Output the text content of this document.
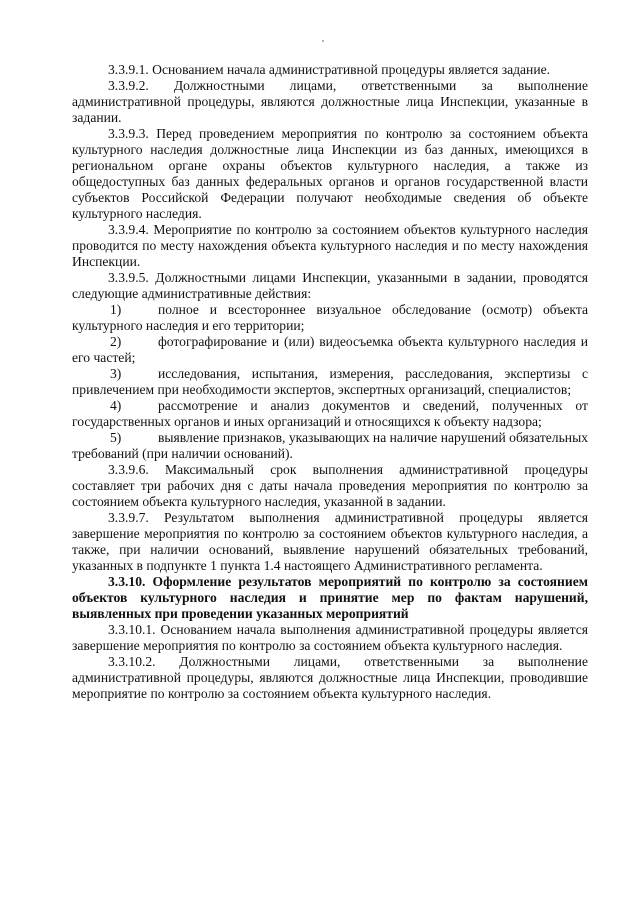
3.3.9.1. Основанием начала административной процедуры является задание.

3.3.9.2. Должностными лицами, ответственными за выполнение административной процедуры, являются должностные лица Инспекции, указанные в задании.

3.3.9.3. Перед проведением мероприятия по контролю за состоянием объекта культурного наследия должностные лица Инспекции из баз данных, имеющихся в региональном органе охраны объектов культурного наследия, а также из общедоступных баз данных федеральных органов и органов государственной власти субъектов Российской Федерации получают необходимые сведения об объекте культурного наследия.

3.3.9.4. Мероприятие по контролю за состоянием объектов культурного наследия проводится по месту нахождения объекта культурного наследия и по месту нахождения Инспекции.

3.3.9.5. Должностными лицами Инспекции, указанными в задании, проводятся следующие административные действия:

1)	полное и всестороннее визуальное обследование (осмотр) объекта культурного наследия и его территории;

2)	фотографирование и (или) видеосъемка объекта культурного наследия и его частей;

3)	исследования, испытания, измерения, расследования, экспертизы с привлечением при необходимости экспертов, экспертных организаций, специалистов;

4)	рассмотрение и анализ документов и сведений, полученных от государственных органов и иных организаций и относящихся к объекту надзора;

5)	выявление признаков, указывающих на наличие нарушений обязательных требований (при наличии оснований).

3.3.9.6. Максимальный срок выполнения административной процедуры составляет три рабочих дня с даты начала проведения мероприятия по контролю за состоянием объекта культурного наследия, указанной в задании.

3.3.9.7. Результатом выполнения административной процедуры является завершение мероприятия по контролю за состоянием объектов культурного наследия, а также, при наличии оснований, выявление нарушений обязательных требований, указанных в подпункте 1 пункта 1.4 настоящего Административного регламента.

3.3.10. Оформление результатов мероприятий по контролю за состоянием объектов культурного наследия и принятие мер по фактам нарушений, выявленных при проведении указанных мероприятий

3.3.10.1. Основанием начала выполнения административной процедуры является завершение мероприятия по контролю за состоянием объекта культурного наследия.

3.3.10.2. Должностными лицами, ответственными за выполнение административной процедуры, являются должностные лица Инспекции, проводившие мероприятие по контролю за состоянием объекта культурного наследия.
